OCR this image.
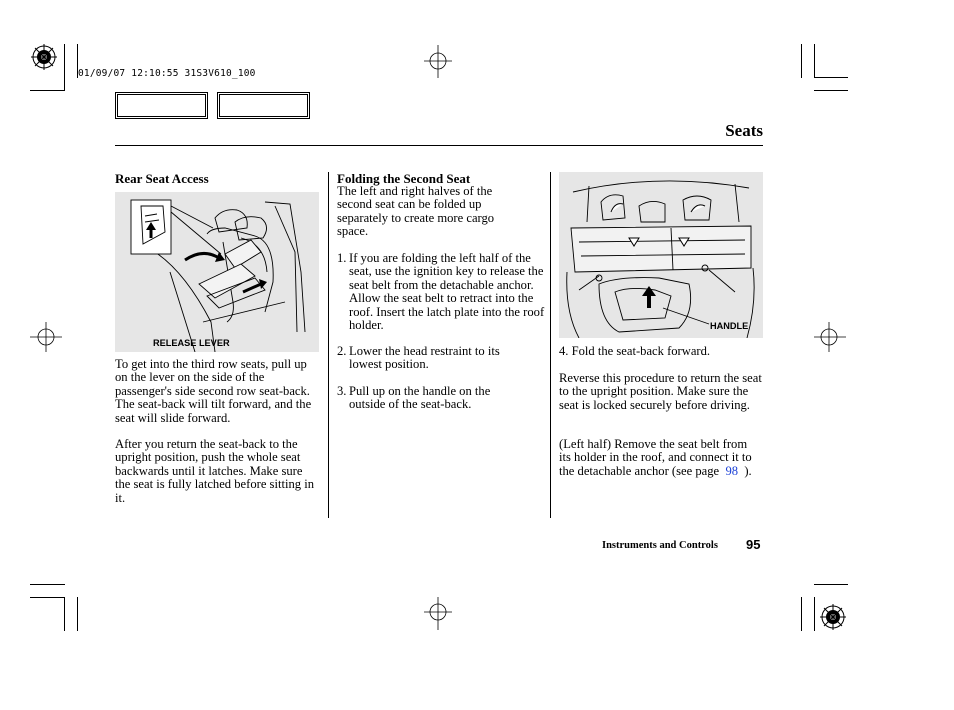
01/09/07 12:10:55 31S3V610_100
Seats
Rear Seat Access
RELEASE LEVER
To get into the third row seats, pull up on the lever on the side of the passenger's side second row seat-back. The seat-back will tilt forward, and the seat will slide forward.
After you return the seat-back to the upright position, push the whole seat backwards until it latches. Make sure the seat is fully latched before sitting in it.
Folding the Second Seat
The left and right halves of the second seat can be folded up separately to create more cargo space.
1. If you are folding the left half of the seat, use the ignition key to release the seat belt from the detachable anchor. Allow the seat belt to retract into the roof. Insert the latch plate into the roof holder.
2. Lower the head restraint to its lowest position.
3. Pull up on the handle on the outside of the seat-back.
HANDLE
4. Fold the seat-back forward.
Reverse this procedure to return the seat to the upright position. Make sure the seat is locked securely before driving.
(Left half) Remove the seat belt from its holder in the roof, and connect it to the detachable anchor (see page 98 ).
Instruments and Controls 95
